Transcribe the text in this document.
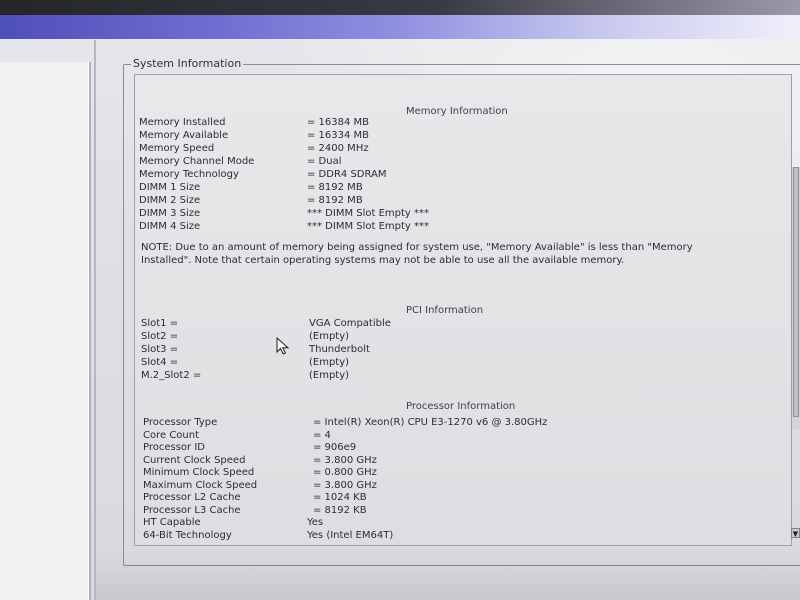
System Information
Memory Information
Memory Installed	= 16384 MB
Memory Available	= 16334 MB
Memory Speed	= 2400 MHz
Memory Channel Mode	= Dual
Memory Technology	= DDR4 SDRAM
DIMM 1 Size	= 8192 MB
DIMM 2 Size	= 8192 MB
DIMM 3 Size	*** DIMM Slot Empty ***
DIMM 4 Size	*** DIMM Slot Empty ***
NOTE: Due to an amount of memory being assigned for system use, "Memory Available" is less than "Memory Installed". Note that certain operating systems may not be able to use all the available memory.
PCI Information
Slot1 =	VGA Compatible
Slot2 =	(Empty)
Slot3 =	Thunderbolt
Slot4 =	(Empty)
M.2_Slot2 =	(Empty)
Processor Information
Processor Type	= Intel(R) Xeon(R) CPU E3-1270 v6 @ 3.80GHz
Core Count	= 4
Processor ID	= 906e9
Current Clock Speed	= 3.800 GHz
Minimum Clock Speed	= 0.800 GHz
Maximum Clock Speed	= 3.800 GHz
Processor L2 Cache	= 1024 KB
Processor L3 Cache	= 8192 KB
HT Capable	Yes
64-Bit Technology	Yes (Intel EM64T)	▼
